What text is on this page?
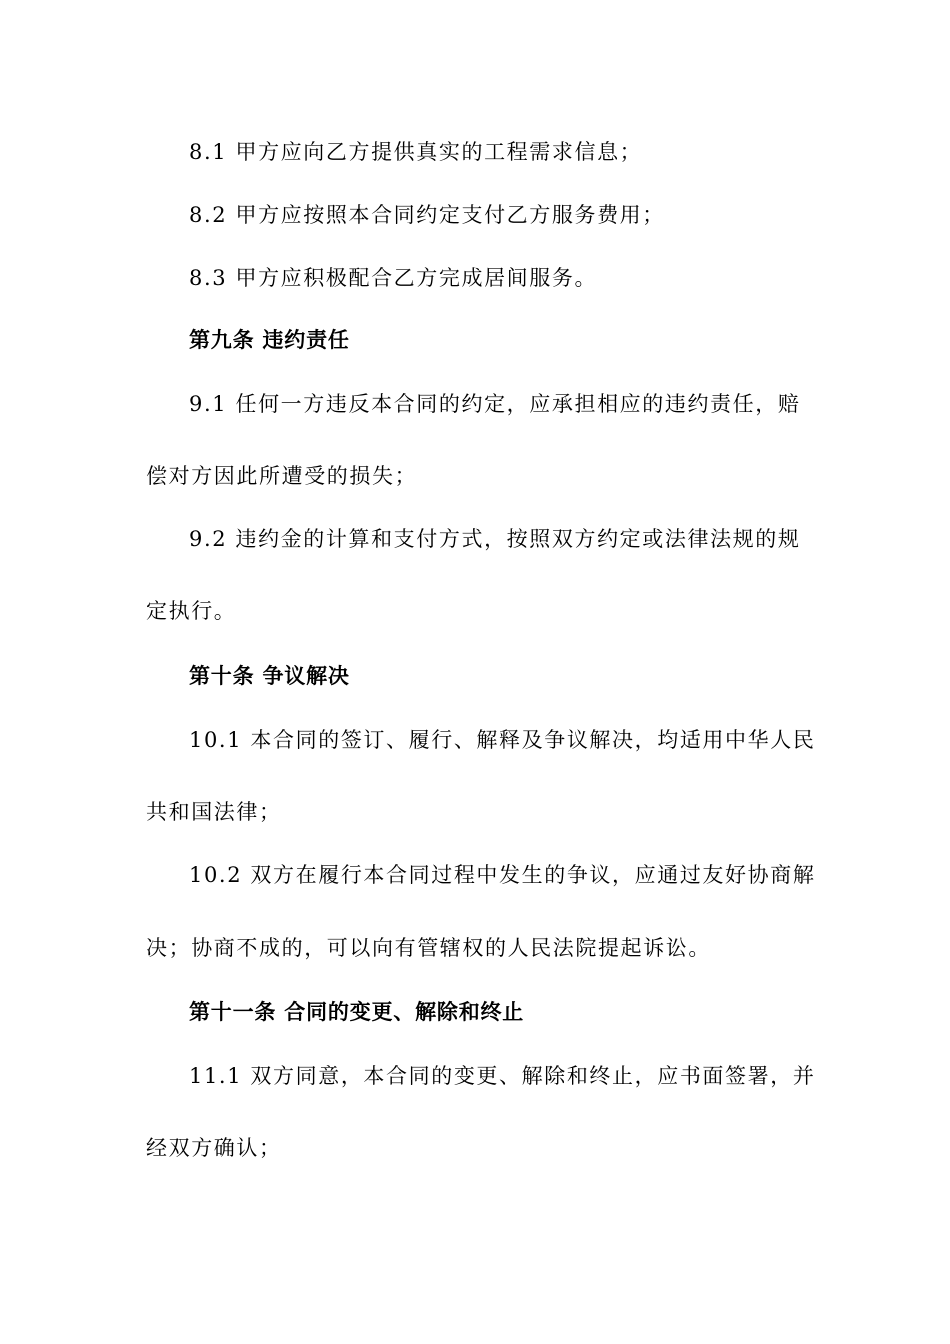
8.1 甲方应向乙方提供真实的工程需求信息；
8.2 甲方应按照本合同约定支付乙方服务费用；
8.3 甲方应积极配合乙方完成居间服务。
第九条 违约责任
9.1 任何一方违反本合同的约定，应承担相应的违约责任，赔
偿对方因此所遭受的损失；
9.2 违约金的计算和支付方式，按照双方约定或法律法规的规
定执行。
第十条 争议解决
10.1 本合同的签订、履行、解释及争议解决，均适用中华人民
共和国法律；
10.2 双方在履行本合同过程中发生的争议，应通过友好协商解
决；协商不成的，可以向有管辖权的人民法院提起诉讼。
第十一条 合同的变更、解除和终止
11.1 双方同意，本合同的变更、解除和终止，应书面签署，并
经双方确认；
